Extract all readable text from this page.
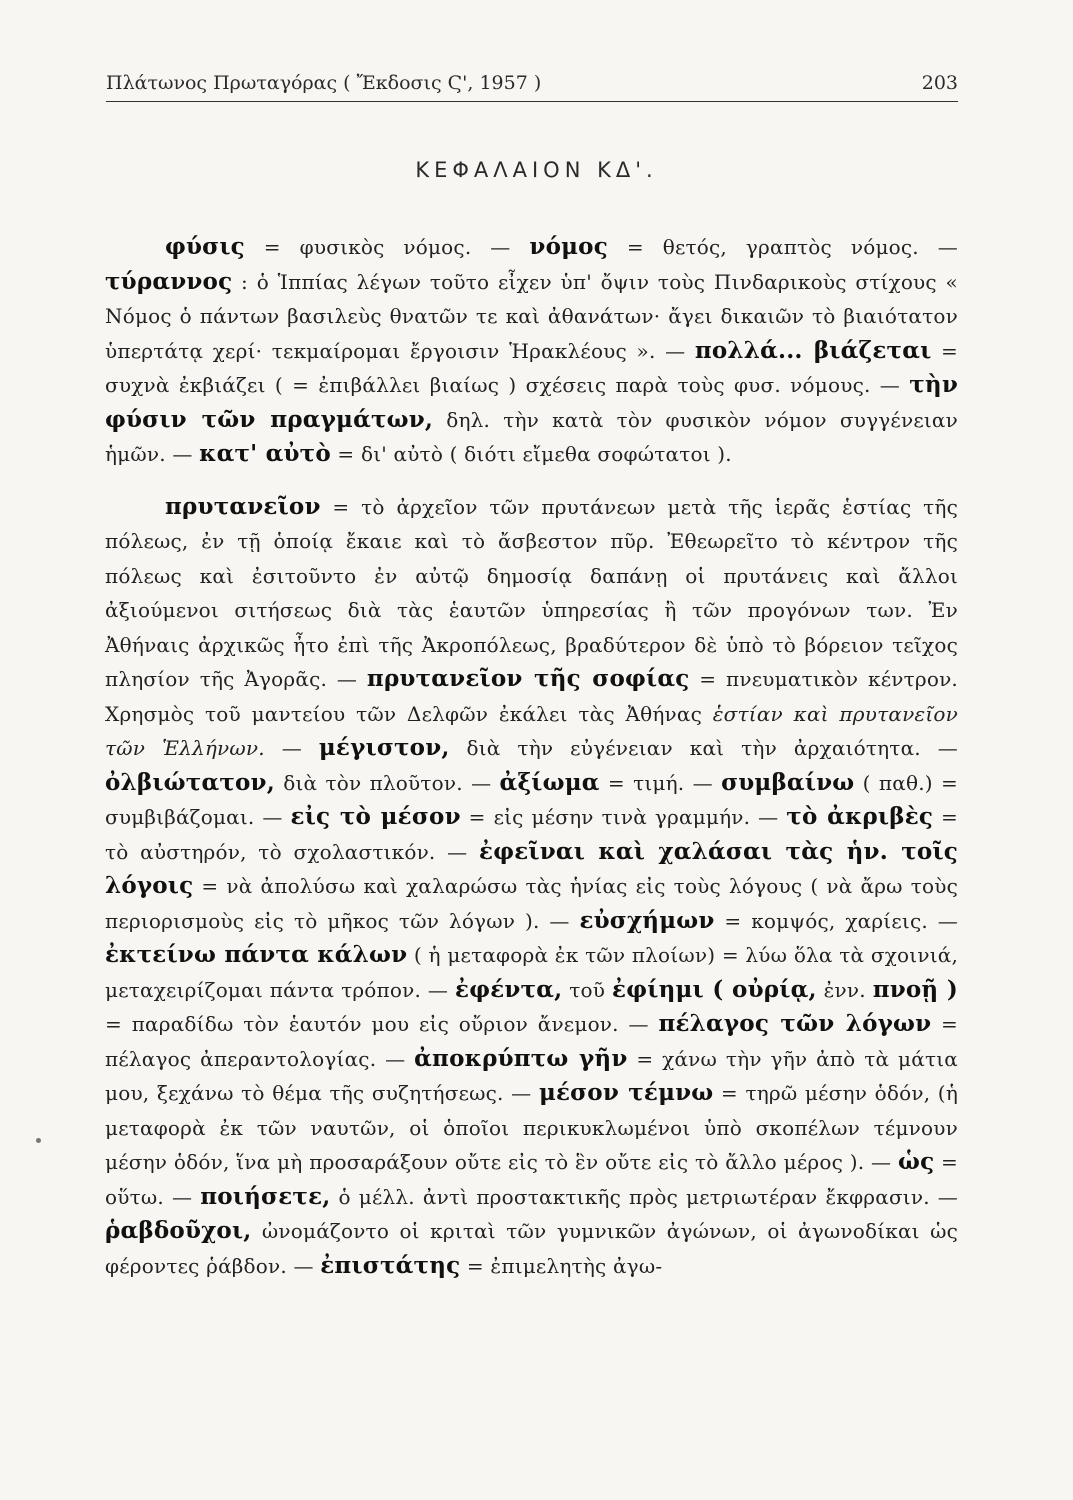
Πλάτωνος Πρωταγόρας ( Ἔκδοσις Ϛ', 1957 )	203
ΚΕΦΑΛΑΙΟΝ ΚΔ'.

φύσις = φυσικὸς νόμος. — νόμος = θετός, γραπτὸς νόμος. — τύραννος : ὁ Ἱππίας λέγων τοῦτο εἶχεν ὑπ' ὄψιν τοὺς Πινδαρικοὺς στίχους « Νόμος ὁ πάντων βασιλεὺς θνατῶν τε καὶ ἀθανάτων· ἄγει δικαιῶν τὸ βιαιότατον ὑπερτάτᾳ χερί· τεκμαίρομαι ἔργοισιν Ἡρακλέους ». — πολλά... βιάζεται = συχνὰ ἐκβιάζει ( = ἐπιβάλλει βιαίως ) σχέσεις παρὰ τοὺς φυσ. νόμους. — τὴν φύσιν τῶν πραγμάτων, δηλ. τὴν κατὰ τὸν φυσικὸν νόμον συγγένειαν ἡμῶν. — κατ' αὐτὸ = δι' αὐτὸ ( διότι εἴμεθα σοφώτατοι ).

πρυτανεῖον = τὸ ἀρχεῖον τῶν πρυτάνεων μετὰ τῆς ἱερᾶς ἑστίας τῆς πόλεως, ἐν τῇ ὁποίᾳ ἔκαιε καὶ τὸ ἄσβεστον πῦρ. Ἐθεωρεῖτο τὸ κέντρον τῆς πόλεως καὶ ἐσιτοῦντο ἐν αὐτῷ δημοσίᾳ δαπάνῃ οἱ πρυτάνεις καὶ ἄλλοι ἀξιούμενοι σιτήσεως διὰ τὰς ἑαυτῶν ὑπηρεσίας ἢ τῶν προγόνων των. Ἐν Ἀθήναις ἀρχικῶς ἦτο ἐπὶ τῆς Ἀκροπόλεως, βραδύτερον δὲ ὑπὸ τὸ βόρειον τεῖχος πλησίον τῆς Ἀγορᾶς. — πρυτανεῖον τῆς σοφίας = πνευματικὸν κέντρον. Χρησμὸς τοῦ μαντείου τῶν Δελφῶν ἐκάλει τὰς Ἀθήνας ἑστίαν καὶ πρυτανεῖον τῶν Ἑλλήνων. — μέγιστον, διὰ τὴν εὐγένειαν καὶ τὴν ἀρχαιότητα. — ὀλβιώτατον, διὰ τὸν πλοῦτον. — ἀξίωμα = τιμή. — συμβαίνω ( παθ.) = συμβιβάζομαι. — εἰς τὸ μέσον = εἰς μέσην τινὰ γραμμήν. — τὸ ἀκριβὲς = τὸ αὐστηρόν, τὸ σχολαστικόν. — ἐφεῖναι καὶ χαλάσαι τὰς ἡν. τοῖς λόγοις = νὰ ἀπολύσω καὶ χαλαρώσω τὰς ἡνίας εἰς τοὺς λόγους ( νὰ ἄρω τοὺς περιορισμοὺς εἰς τὸ μῆκος τῶν λόγων ). — εὐσχήμων = κομψός, χαρίεις. — ἐκτείνω πάντα κάλων ( ἡ μεταφορὰ ἐκ τῶν πλοίων) = λύω ὅλα τὰ σχοινιά, μεταχειρίζομαι πάντα τρόπον. — ἐφέντα, τοῦ ἐφίημι ( οὐρίᾳ, ἐνν. πνοῇ ) = παραδίδω τὸν ἑαυτόν μου εἰς οὔριον ἄνεμον. — πέλαγος τῶν λόγων = πέλαγος ἀπεραντολογίας. — ἀποκρύπτω γῆν = χάνω τὴν γῆν ἀπὸ τὰ μάτια μου, ξεχάνω τὸ θέμα τῆς συζητήσεως. — μέσον τέμνω = τηρῶ μέσην ὁδόν, (ἡ μεταφορὰ ἐκ τῶν ναυτῶν, οἱ ὁποῖοι περικυκλωμένοι ὑπὸ σκοπέλων τέμνουν μέσην ὁδόν, ἵνα μὴ προσαράξουν οὔτε εἰς τὸ ἓν οὔτε εἰς τὸ ἄλλο μέρος ). — ὡς = οὕτω. — ποιήσετε, ὁ μέλλ. ἀντὶ προστακτικῆς πρὸς μετριωτέραν ἔκφρασιν. — ῥαβδοῦχοι, ὠνομάζοντο οἱ κριταὶ τῶν γυμνικῶν ἀγώνων, οἱ ἀγωνοδίκαι ὡς φέροντες ῥάβδον. — ἐπιστάτης = ἐπιμελητὴς ἀγω-
